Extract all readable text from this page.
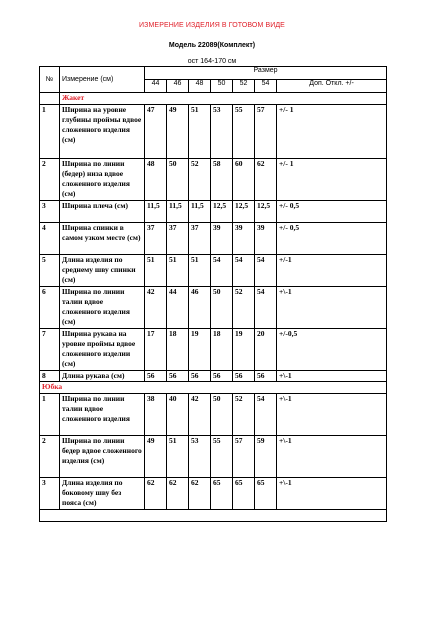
ИЗМЕРЕНИЕ ИЗДЕЛИЯ В ГОТОВОМ ВИДЕ
Модель 22089(Комплект)
ост 164-170 см
№	Измерение (см)	Размер						
		44	46	48	50	52	54	Доп. Откл. +/-
	Жакет							
1	Ширина на уровне глубины проймы вдвое сложенного изделия (см)	47	49	51	53	55	57	+/- 1
2	Ширина по линии (бедер) низа вдвое сложенного изделия (см)	48	50	52	58	60	62	+/- 1
3	Ширина плеча (см)	11,5	11,5	11,5	12,5	12,5	12,5	+/- 0,5
4	Ширина спинки в самом узком месте (см)	37	37	37	39	39	39	+/- 0,5
5	Длина изделия по среднему шву спинки (см)	51	51	51	54	54	54	+/-1
6	Ширина по линии талии вдвое сложенного изделия (см)	42	44	46	50	52	54	+\-1
7	Ширина рукава на уровне проймы вдвое сложенного изделии (см)	17	18	19	18	19	20	+/-0,5
8	Длина рукава (см)	56	56	56	56	56	56	+\-1
Юбка								
1	Ширина по линии талии вдвое сложенного изделия	38	40	42	50	52	54	+\-1
2	Ширина по линии бедер вдвое сложенного изделия (см)	49	51	53	55	57	59	+\-1
3	Длина изделия по боковому шву без пояса (см)	62	62	62	65	65	65	+\-1
